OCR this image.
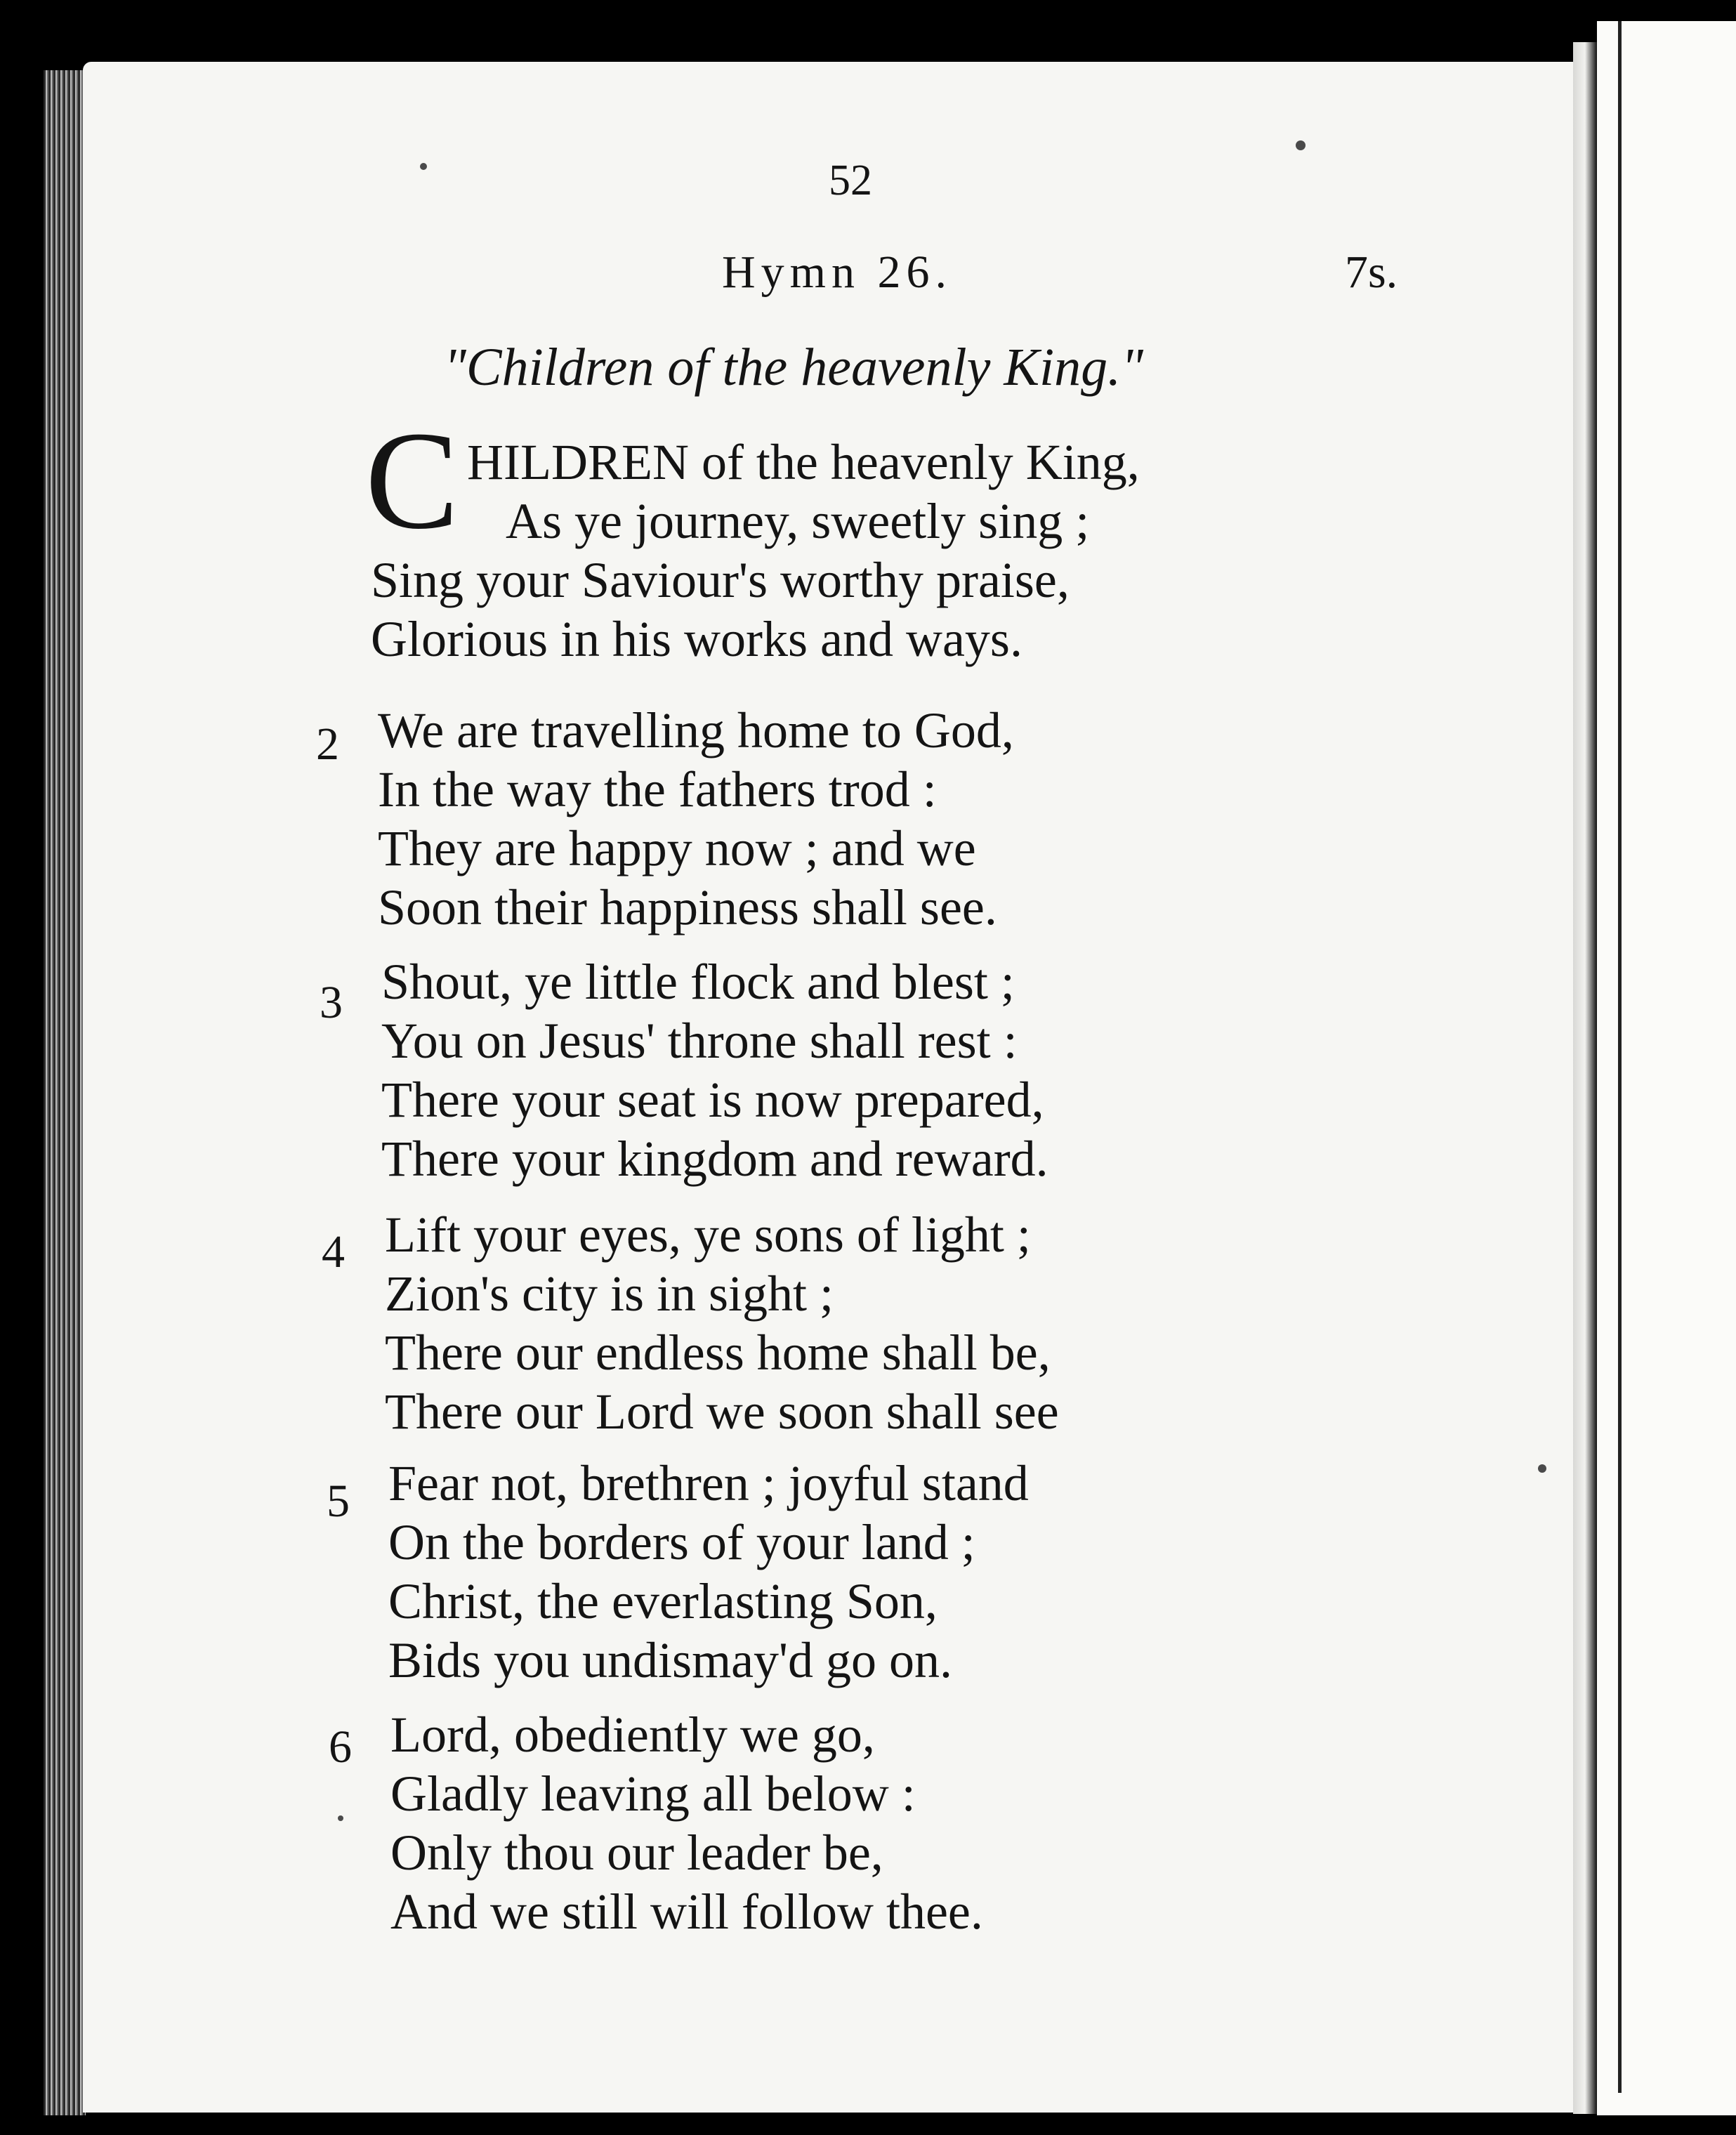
52
Hymn 26.	7s.
"Children of the heavenly King."
C HILDREN of the heavenly King,
As ye journey, sweetly sing ;
Sing your Saviour's worthy praise,
Glorious in his works and ways.
2 We are travelling home to God,
In the way the fathers trod :
They are happy now ; and we
Soon their happiness shall see.
3 Shout, ye little flock and blest ;
You on Jesus' throne shall rest :
There your seat is now prepared,
There your kingdom and reward.
4 Lift your eyes, ye sons of light ;
Zion's city is in sight ;
There our endless home shall be,
There our Lord we soon shall see
5 Fear not, brethren ; joyful stand
On the borders of your land ;
Christ, the everlasting Son,
Bids you undismay'd go on.
6 Lord, obediently we go,
Gladly leaving all below :
Only thou our leader be,
And we still will follow thee.
